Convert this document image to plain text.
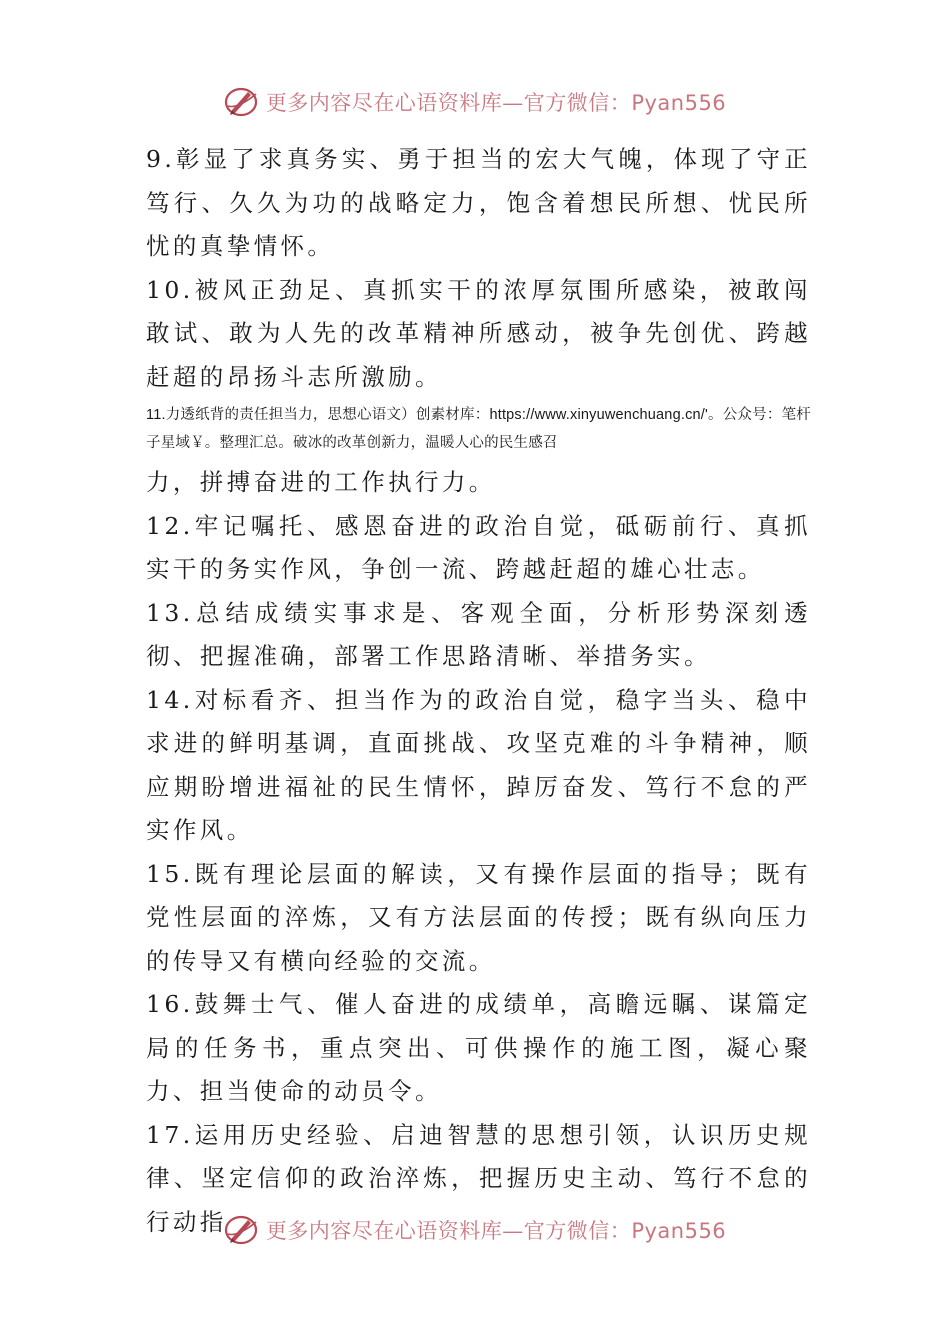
更多内容尽在心语资料库—官方微信：Pyan556

9.彰显了求真务实、勇于担当的宏大气魄，体现了守正笃行、久久为功的战略定力，饱含着想民所想、忧民所忧的真挚情怀。

10.被风正劲足、真抓实干的浓厚氛围所感染，被敢闯敢试、敢为人先的改革精神所感动，被争先创优、跨越赶超的昂扬斗志所激励。

11.力透纸背的责任担当力，思想心语文）创素材库：https://www.xinyuwenchuang.cn/'。公众号：笔杆子星域￥。整理汇总。破冰的改革创新力，温暖人心的民生感召

力，拼搏奋进的工作执行力。

12.牢记嘱托、感恩奋进的政治自觉，砥砺前行、真抓实干的务实作风，争创一流、跨越赶超的雄心壮志。

13.总结成绩实事求是、客观全面，分析形势深刻透彻、把握准确，部署工作思路清晰、举措务实。

14.对标看齐、担当作为的政治自觉，稳字当头、稳中求进的鲜明基调，直面挑战、攻坚克难的斗争精神，顺应期盼增进福祉的民生情怀，踔厉奋发、笃行不怠的严实作风。

15.既有理论层面的解读，又有操作层面的指导；既有党性层面的淬炼，又有方法层面的传授；既有纵向压力的传导又有横向经验的交流。

16.鼓舞士气、催人奋进的成绩单，高瞻远瞩、谋篇定局的任务书，重点突出、可供操作的施工图，凝心聚力、担当使命的动员令。

17.运用历史经验、启迪智慧的思想引领，认识历史规律、坚定信仰的政治淬炼，把握历史主动、笃行不怠的行动指	更多内容尽在心语资料库—官方微信：Pyan556
